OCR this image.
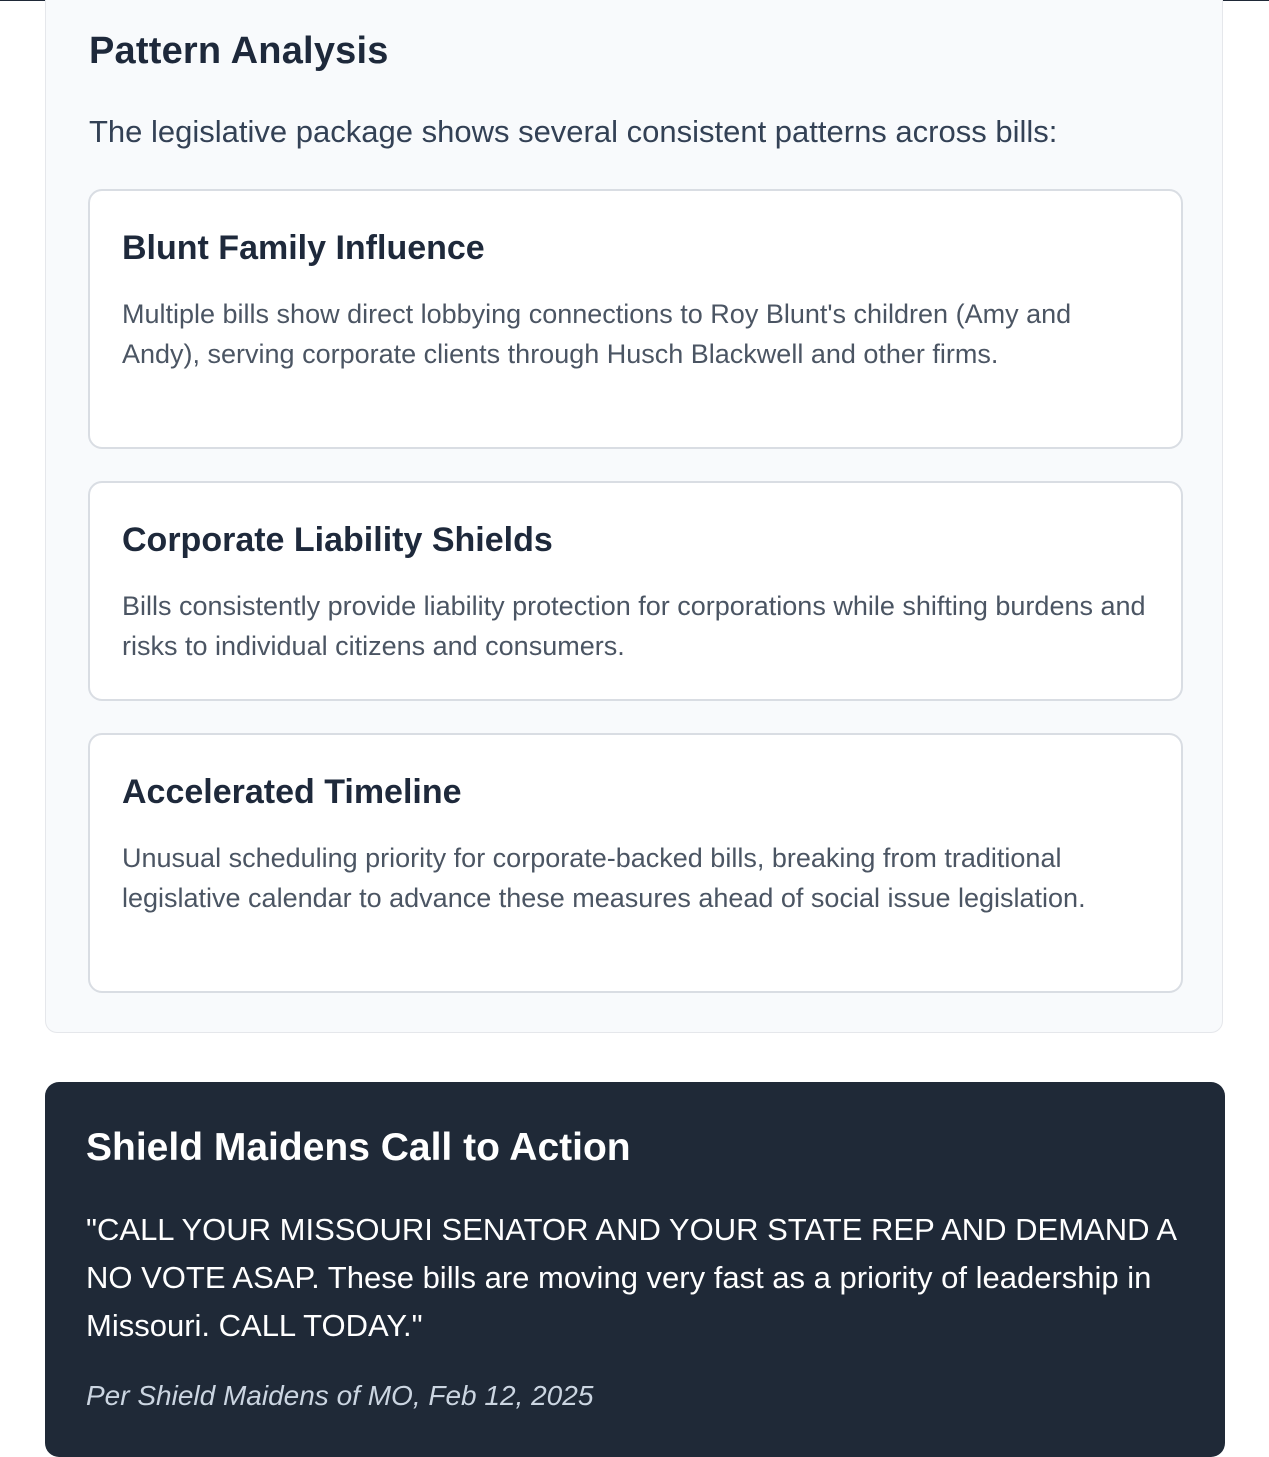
Pattern Analysis

The legislative package shows several consistent patterns across bills:

Blunt Family Influence

Multiple bills show direct lobbying connections to Roy Blunt's children (Amy and Andy), serving corporate clients through Husch Blackwell and other firms.

Corporate Liability Shields

Bills consistently provide liability protection for corporations while shifting burdens and risks to individual citizens and consumers.

Accelerated Timeline

Unusual scheduling priority for corporate-backed bills, breaking from traditional legislative calendar to advance these measures ahead of social issue legislation.

Shield Maidens Call to Action

"CALL YOUR MISSOURI SENATOR AND YOUR STATE REP AND DEMAND A NO VOTE ASAP. These bills are moving very fast as a priority of leadership in Missouri. CALL TODAY."

Per Shield Maidens of MO, Feb 12, 2025
